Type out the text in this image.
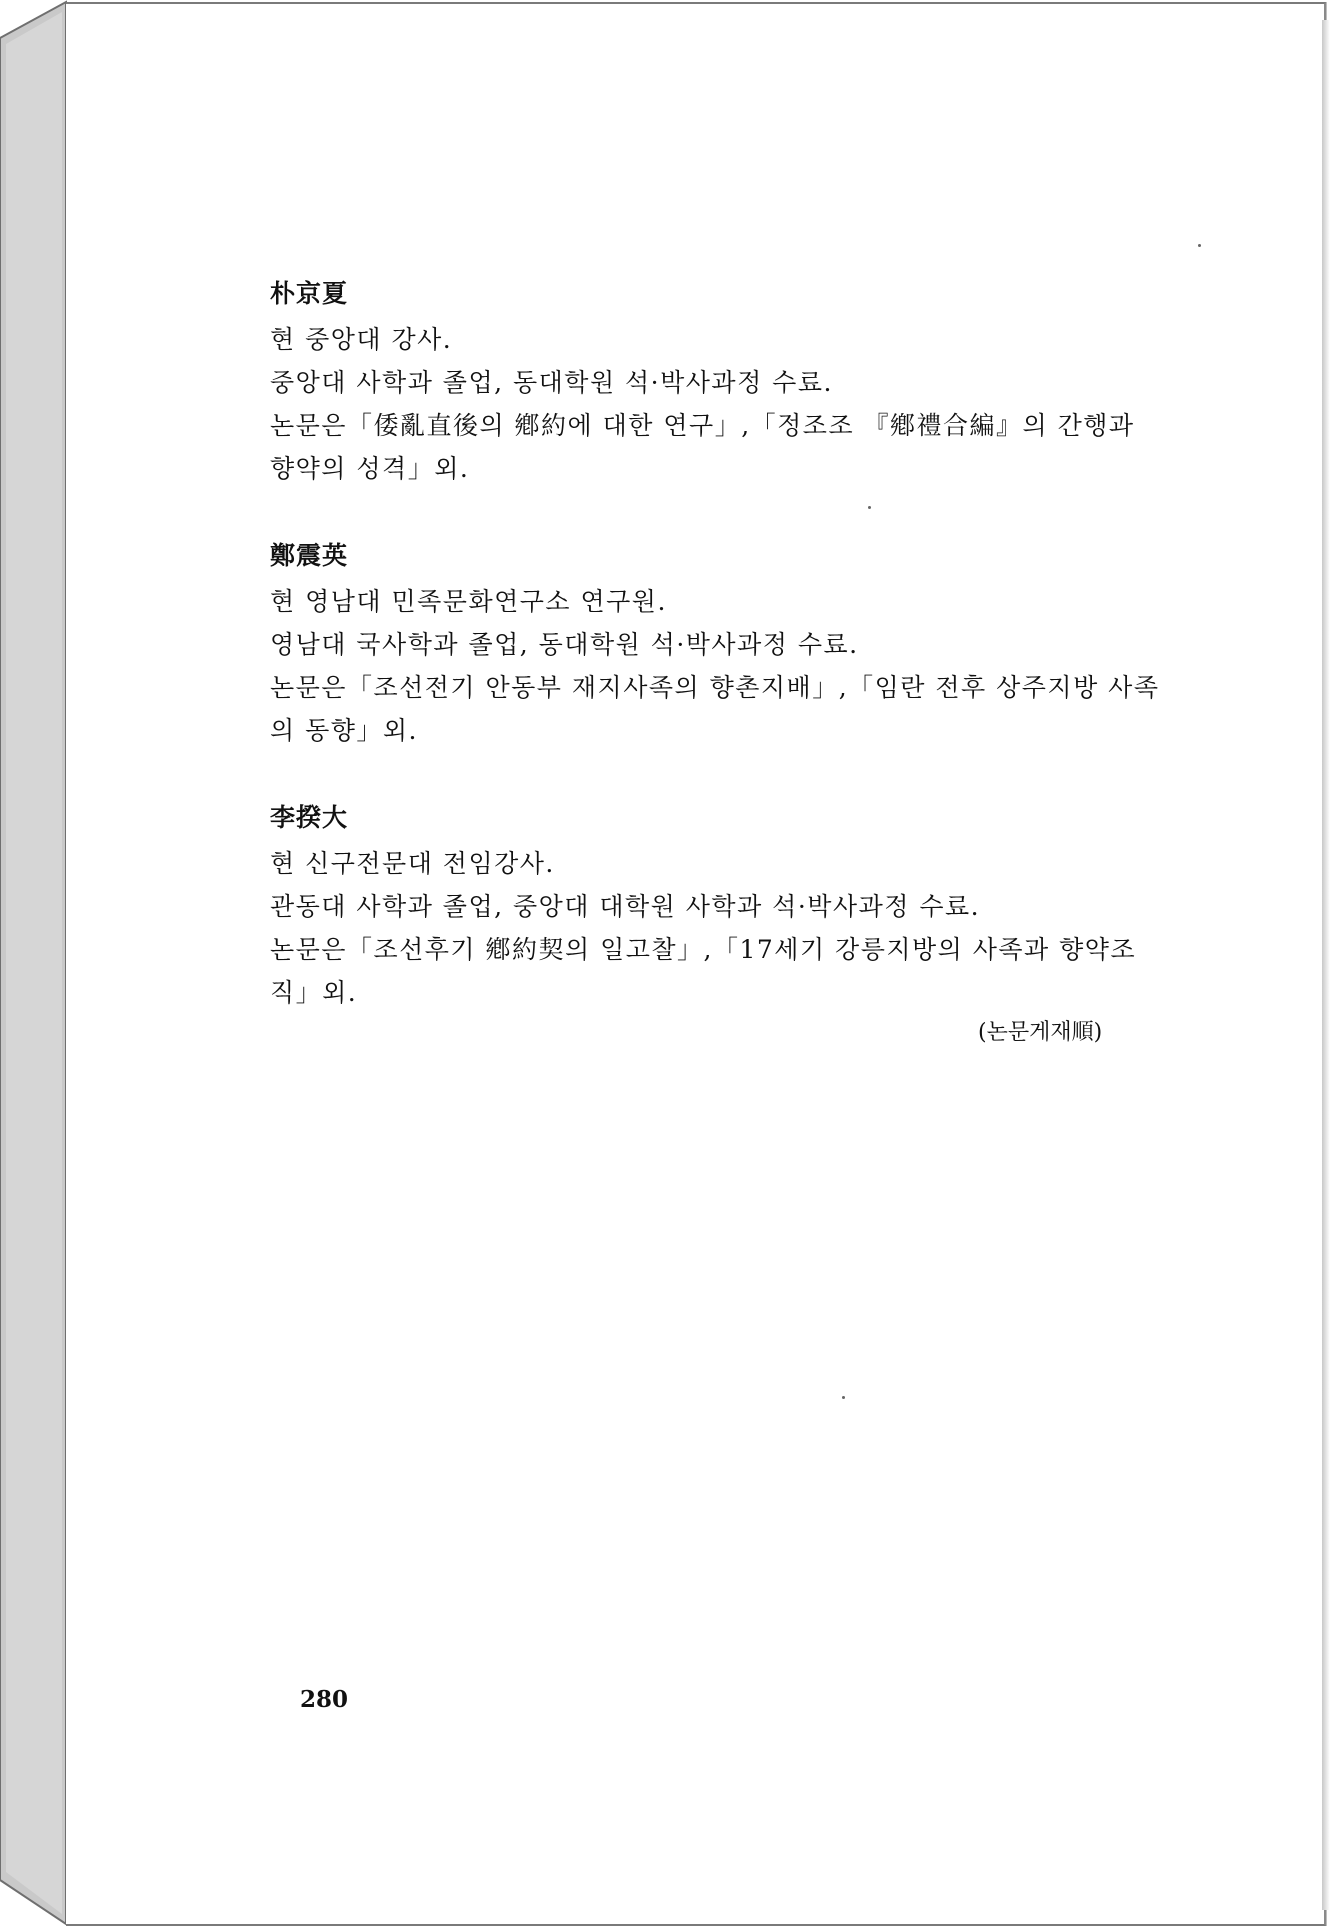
朴京夏
현 중앙대 강사.
중앙대 사학과 졸업, 동대학원 석·박사과정 수료.
논문은「倭亂直後의 鄕約에 대한 연구」,「정조조 『鄕禮合編』의 간행과 향약의 성격」외.
鄭震英
현 영남대 민족문화연구소 연구원.
영남대 국사학과 졸업, 동대학원 석·박사과정 수료.
논문은「조선전기 안동부 재지사족의 향촌지배」,「임란 전후 상주지방 사족의 동향」외.
李揆大
현 신구전문대 전임강사.
관동대 사학과 졸업, 중앙대 대학원 사학과 석·박사과정 수료.
논문은「조선후기 鄕約契의 일고찰」,「17세기 강릉지방의 사족과 향약조직」외.
(논문게재順)
280
